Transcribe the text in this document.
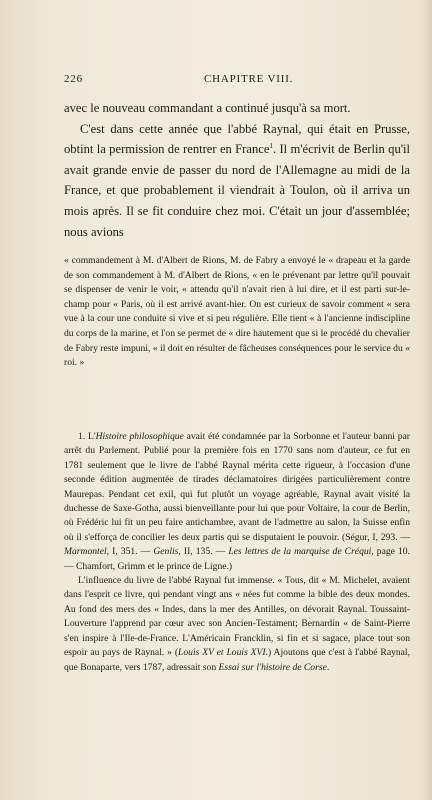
226	CHAPITRE VIII.

avec le nouveau commandant a continué jusqu'à sa mort.

C'est dans cette année que l'abbé Raynal, qui était en Prusse, obtint la permission de rentrer en France$^1$. Il m'écrivit de Berlin qu'il avait grande envie de passer du nord de l'Allemagne au midi de la France, et que probablement il viendrait à Toulon, où il arriva un mois après. Il se fit conduire chez moi. C'était un jour d'assemblée; nous avions

« commandement à M. d'Albert de Rions, M. de Fabry a envoyé le « drapeau et la garde de son commandement à M. d'Albert de Rions, « en le prévenant par lettre qu'il pouvait se dispenser de venir le voir, « attendu qu'il n'avait rien à lui dire, et il est parti sur-le-champ pour « Paris, où il est arrivé avant-hier. On est curieux de savoir comment « sera vue à la cour une conduite si vive et si peu régulière. Elle tient « à l'ancienne indiscipline du corps de la marine, et l'on se permet de « dire hautement que si le procédé du chevalier de Fabry reste impuni, « il doit en résulter de fâcheuses conséquences pour le service du « roi. »

1. L'Histoire philosophique avait été condamnée par la Sorbonne et l'auteur banni par arrêt du Parlement. Publié pour la première fois en 1770 sans nom d'auteur, ce fut en 1781 seulement que le livre de l'abbé Raynal mérita cette rigueur, à l'occasion d'une seconde édition augmentée de tirades déclamatoires dirigées particulièrement contre Maurepas. Pendant cet exil, qui fut plutôt un voyage agréable, Raynal avait visité la duchesse de Saxe-Gotha, aussi bienveillante pour lui que pour Voltaire, la cour de Berlin, où Frédéric lui fit un peu faire antichambre, avant de l'admettre au salon, la Suisse enfin où il s'efforça de concilier les deux partis qui se disputaient le pouvoir. (Ségur, I, 293. — Marmontel, I, 351. — Genlis, II, 135. — Les lettres de la marquise de Créqui, page 10. — Chamfort, Grimm et le prince de Ligne.)

L'influence du livre de l'abbé Raynal fut immense. « Tous, dit « M. Michelet, avaient dans l'esprit ce livre, qui pendant vingt ans « nées fut comme la bible des deux mondes. Au fond des mers des « Indes, dans la mer des Antilles, on dévorait Raynal. Toussaint-Louverture l'apprend par cœur avec son Ancien-Testament; Bernardin « de Saint-Pierre s'en inspire à l'Ile-de-France. L'Américain Francklin, si fin et si sagace, place tout son espoir au pays de Raynal. » (Louis XV et Louis XVI.) Ajoutons que c'est à l'abbé Raynal, que Bonaparte, vers 1787, adressait son Essai sur l'histoire de Corse.
